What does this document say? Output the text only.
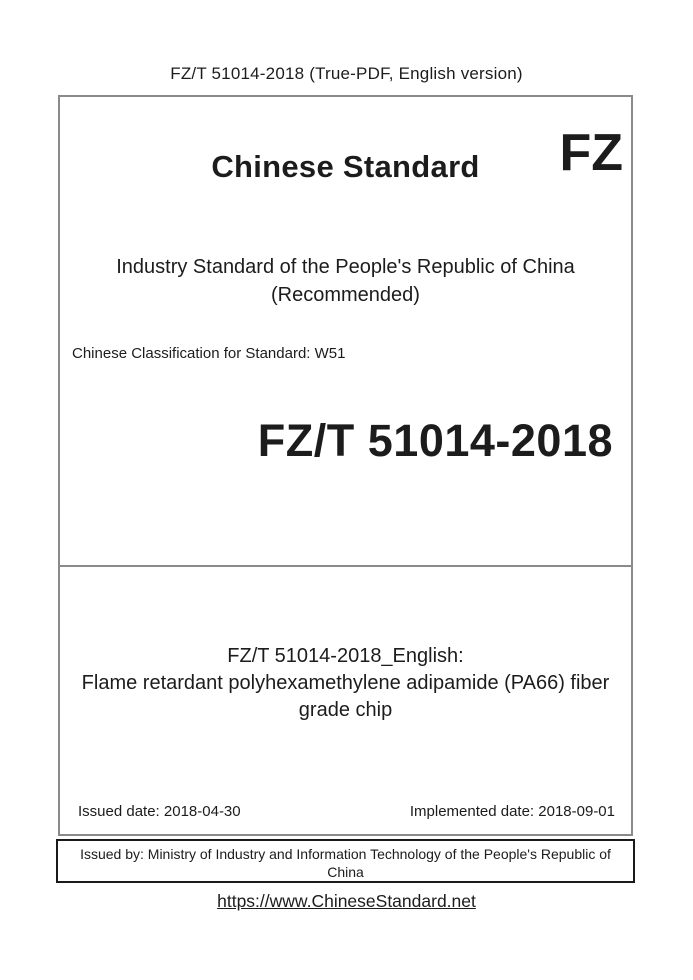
FZ/T 51014-2018 (True-PDF, English version)
Chinese Standard	FZ
Industry Standard of the People's Republic of China
(Recommended)
Chinese Classification for Standard: W51
FZ/T 51014-2018
FZ/T 51014-2018_English:
Flame retardant polyhexamethylene adipamide (PA66) fiber
grade chip
Issued date: 2018-04-30	Implemented date: 2018-09-01
Issued by: Ministry of Industry and Information Technology of the People's Republic of
China
https://www.ChineseStandard.net
